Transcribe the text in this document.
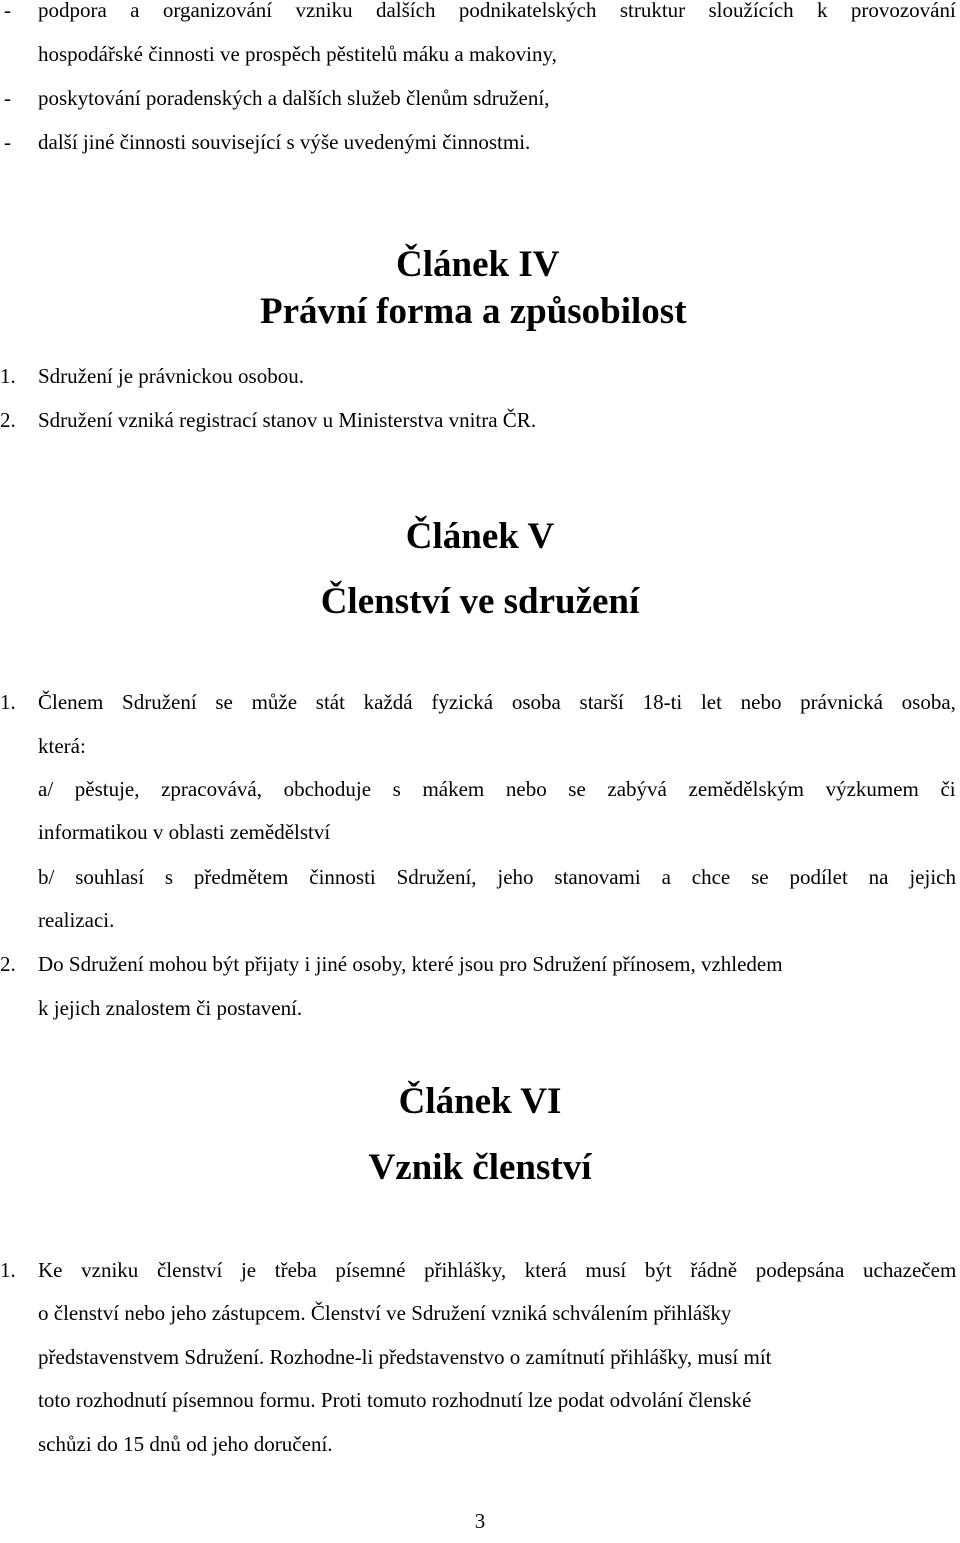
- podpora a organizování vzniku dalších podnikatelských struktur sloužících k provozování
hospodářské činnosti ve prospěch pěstitelů máku a makoviny,
- poskytování poradenských a dalších služeb členům sdružení,
- další jiné činnosti související s výše uvedenými činnostmi.
Článek IV
Právní forma a způsobilost
1. Sdružení je právnickou osobou.
2. Sdružení vzniká registrací stanov u Ministerstva vnitra ČR.
Článek V
Členství ve sdružení
1. Členem Sdružení se může stát každá fyzická osoba starší 18-ti let nebo právnická osoba,
která:
a/ pěstuje, zpracovává, obchoduje s mákem nebo se zabývá zemědělským výzkumem či
informatikou v oblasti zemědělství
b/ souhlasí s předmětem činnosti Sdružení, jeho stanovami a chce se podílet na jejich
realizaci.
2. Do Sdružení mohou být přijaty i jiné osoby, které jsou pro Sdružení přínosem, vzhledem
k jejich znalostem či postavení.
Článek VI
Vznik členství
1. Ke vzniku členství je třeba písemné přihlášky, která musí být řádně podepsána uchazečem
o členství nebo jeho zástupcem. Členství ve Sdružení vzniká schválením přihlášky
představenstvem Sdružení. Rozhodne-li představenstvo o zamítnutí přihlášky, musí mít
toto rozhodnutí písemnou formu. Proti tomuto rozhodnutí lze podat odvolání členské
schůzi do 15 dnů od jeho doručení.
3
